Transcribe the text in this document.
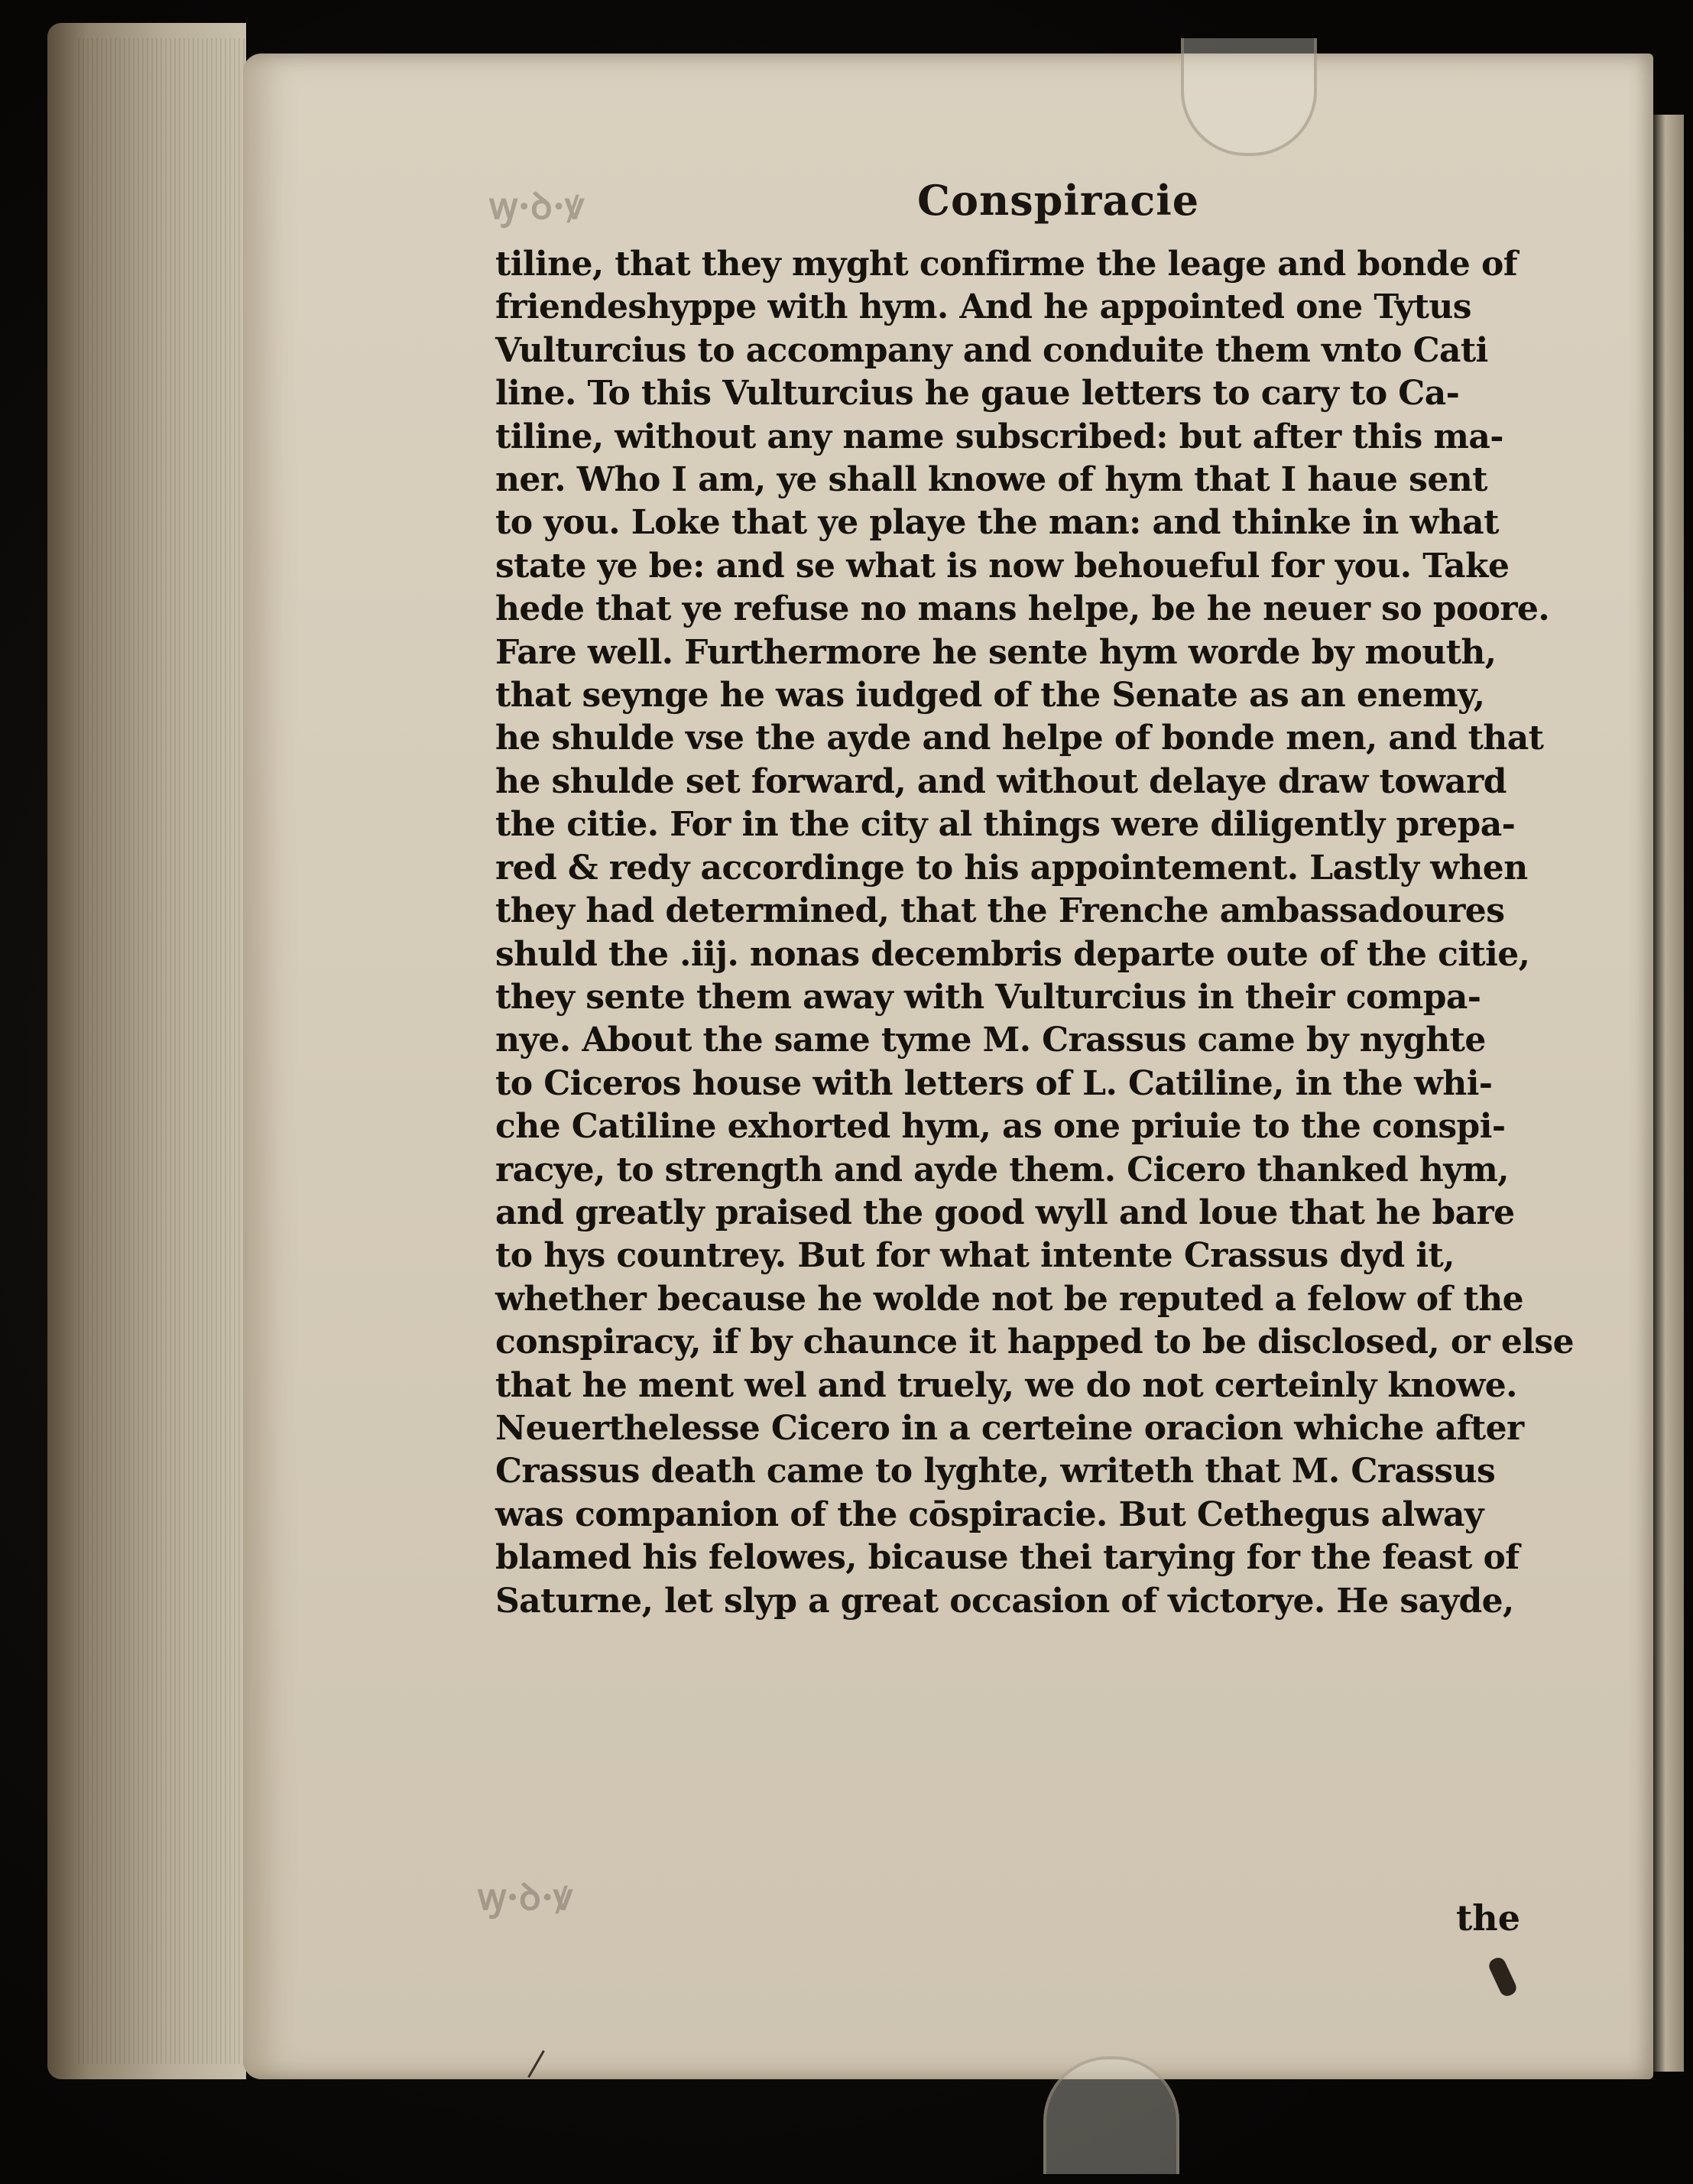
ꝡ·ꝺ·ꝟ
ꝡ·ꝺ·ꝟ
Conspiracie
tiline, that they myght confirme the leage and bonde of
friendeshyppe with hym. And he appointed one Tytus
Vulturcius to accompany and conduite them vnto Cati
line. To this Vulturcius he gaue letters to cary to Ca-
tiline, without any name subscribed: but after this ma-
ner. Who I am, ye shall knowe of hym that I haue sent
to you. Loke that ye playe the man: and thinke in what
state ye be: and se what is now behoueful for you. Take
hede that ye refuse no mans helpe, be he neuer so poore.
Fare well. Furthermore he sente hym worde by mouth,
that seynge he was iudged of the Senate as an enemy,
he shulde vse the ayde and helpe of bonde men, and that
he shulde set forward, and without delaye draw toward
the citie. For in the city al things were diligently prepa-
red & redy accordinge to his appointement. Lastly when
they had determined, that the Frenche ambassadoures
shuld the .iij. nonas decembris departe oute of the citie,
they sente them away with Vulturcius in their compa-
nye. About the same tyme M. Crassus came by nyghte
to Ciceros house with letters of L. Catiline, in the whi-
che Catiline exhorted hym, as one priuie to the conspi-
racye, to strength and ayde them. Cicero thanked hym,
and greatly praised the good wyll and loue that he bare
to hys countrey. But for what intente Crassus dyd it,
whether because he wolde not be reputed a felow of the
conspiracy, if by chaunce it happed to be disclosed, or else
that he ment wel and truely, we do not certeinly knowe.
Neuerthelesse Cicero in a certeine oracion whiche after
Crassus death came to lyghte, writeth that M. Crassus
was companion of the cōspiracie. But Cethegus alway
blamed his felowes, bicause thei tarying for the feast of
Saturne, let slyp a great occasion of victorye. He sayde,
the
